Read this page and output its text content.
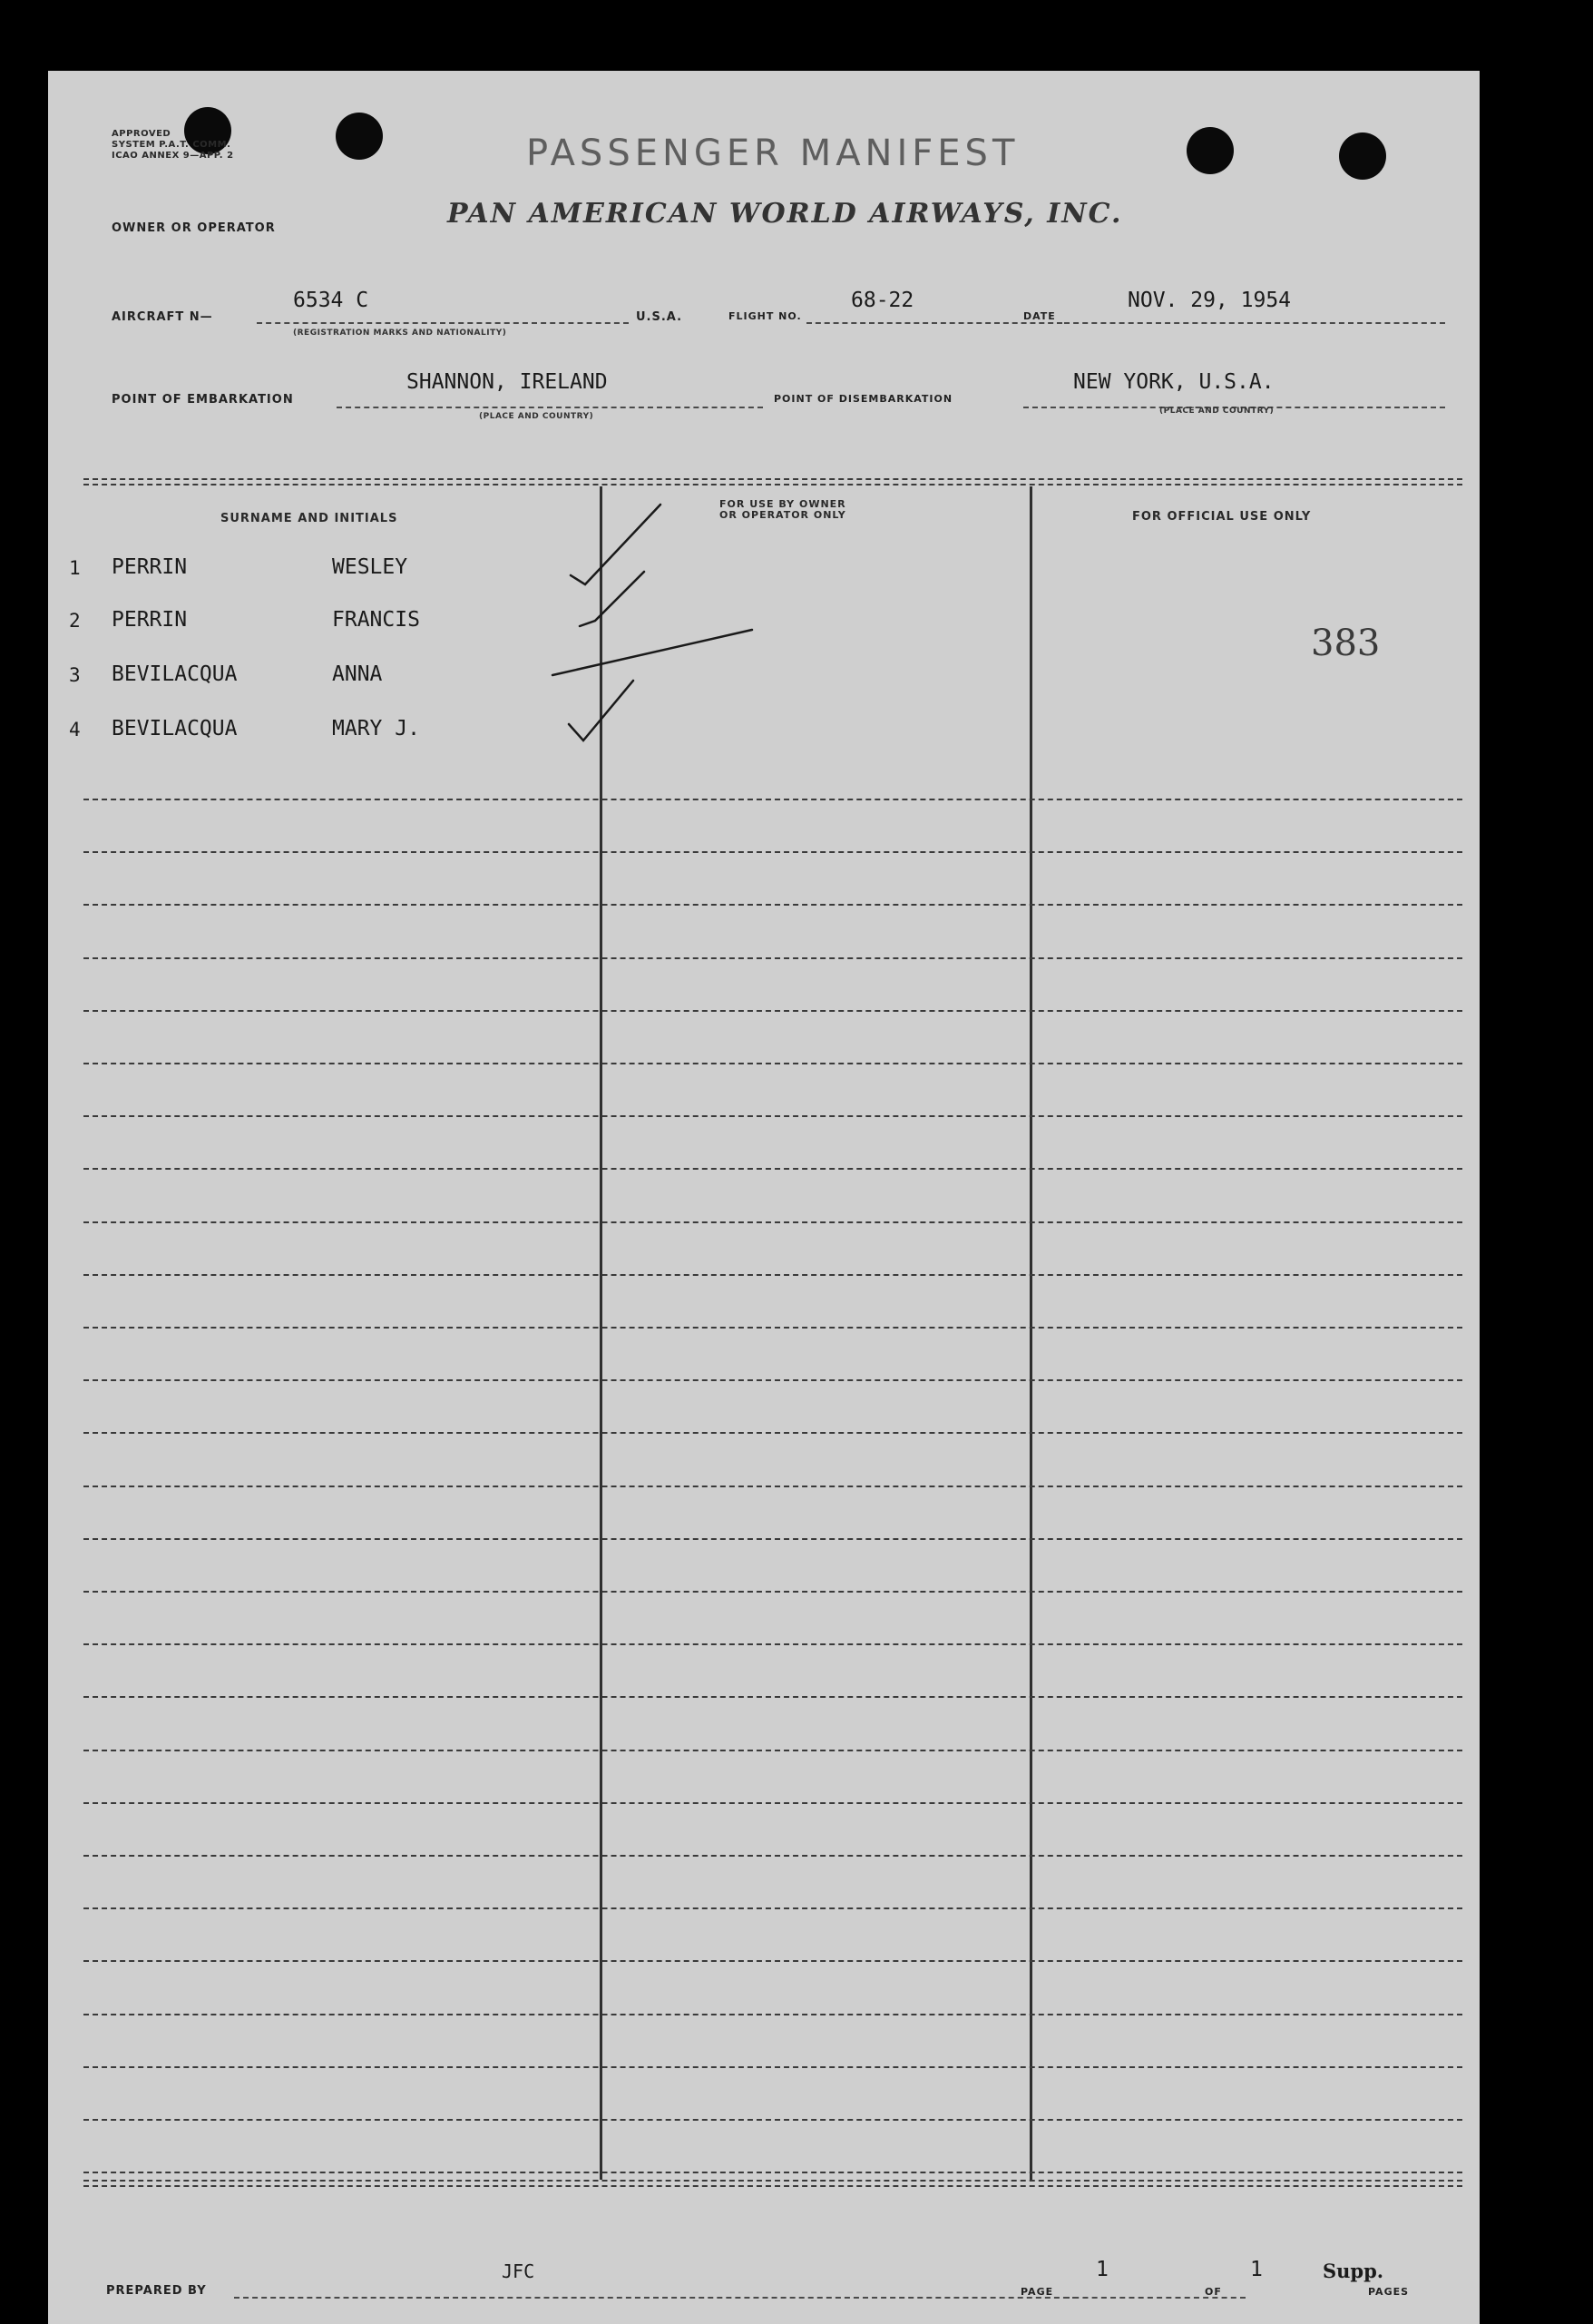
APPROVED
SYSTEM P.A.T. COMM.
ICAO ANNEX 9—APP. 2	PASSENGER MANIFEST
OWNER OR OPERATOR	PAN AMERICAN WORLD AIRWAYS, INC.
AIRCRAFT N—
6534 C
(REGISTRATION MARKS AND NATIONALITY)
U.S.A.	FLIGHT NO.
68-22
DATE
NOV. 29, 1954
POINT OF EMBARKATION
SHANNON, IRELAND
(PLACE AND COUNTRY)
POINT OF DISEMBARKATION
NEW YORK, U.S.A.
(PLACE AND COUNTRY)
SURNAME AND INITIALS
FOR USE BY OWNER
OR OPERATOR ONLY	FOR OFFICIAL USE ONLY
1 PERRIN	WESLEY
2 PERRIN	FRANCIS
3 BEVILACQUA	ANNA
4 BEVILACQUA	MARY J.
383
PREPARED BY
JFC
PAGE
1
OF
1	Supp.
PAGES
